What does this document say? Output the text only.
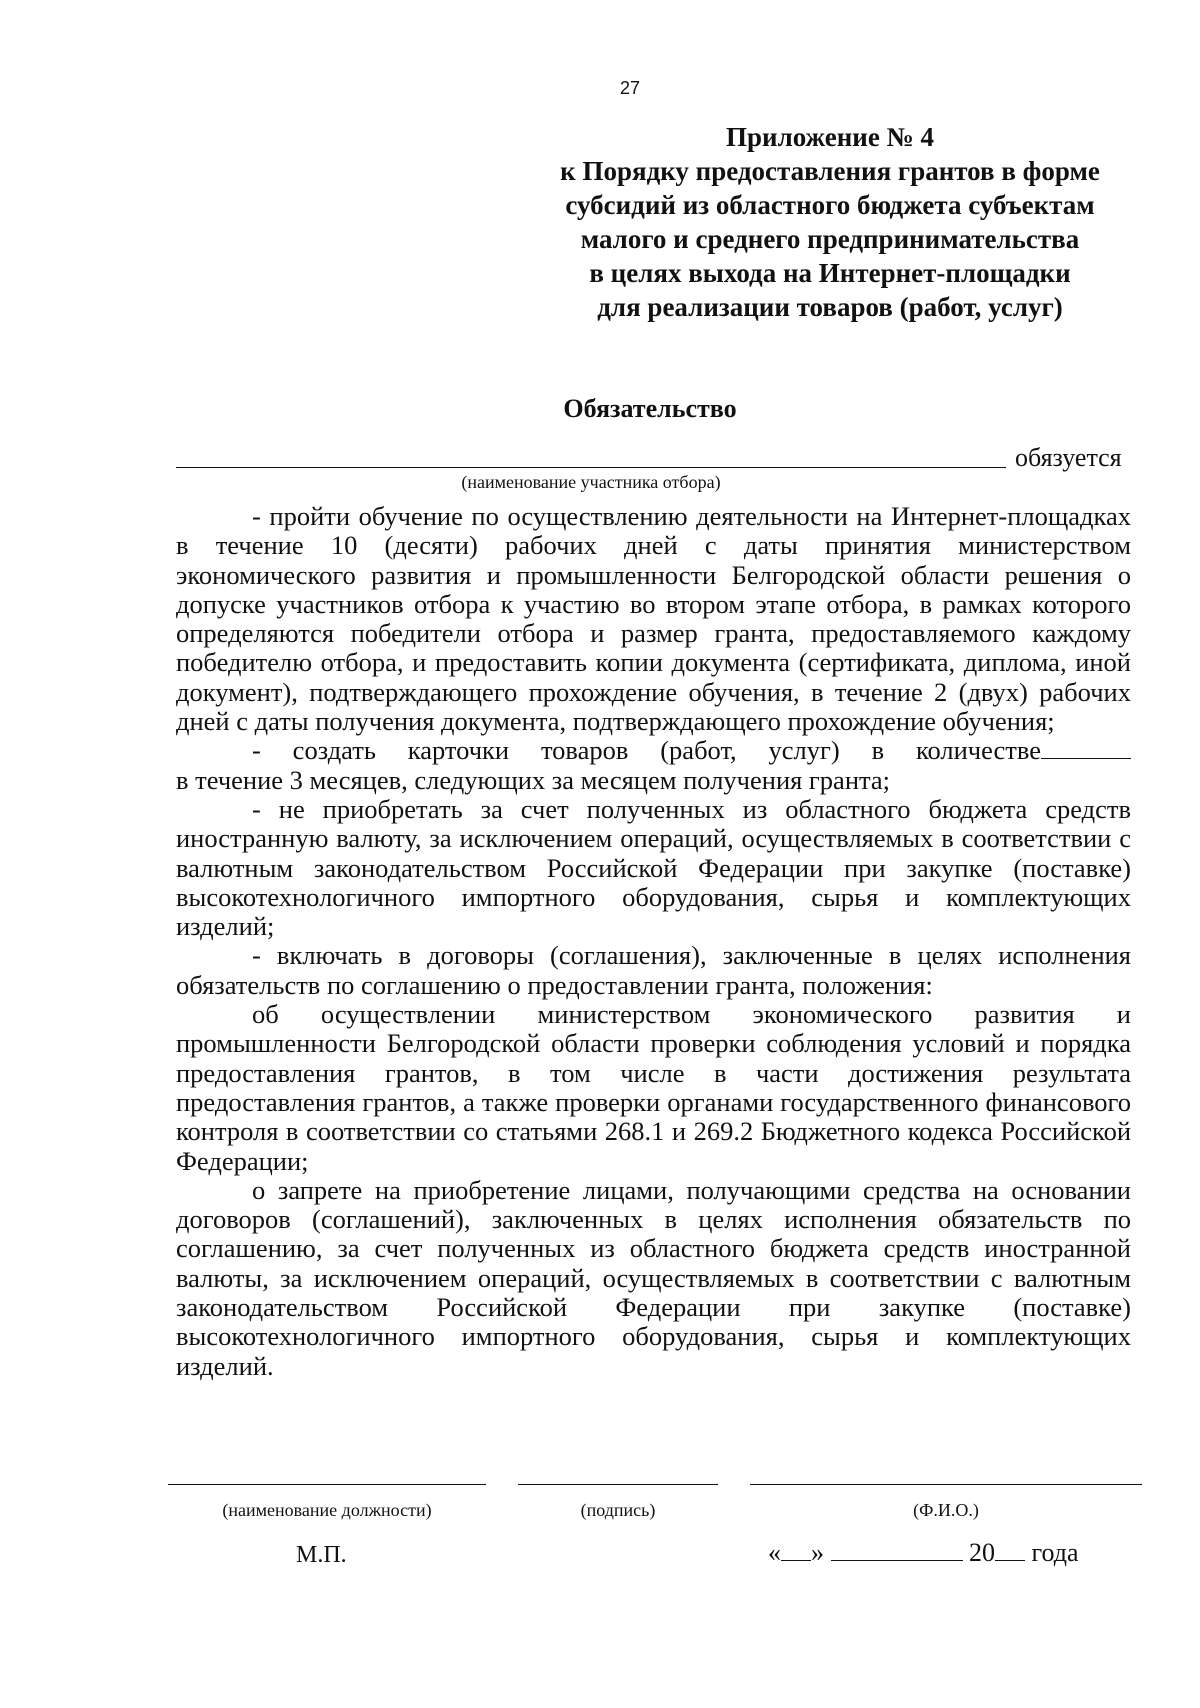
27
Приложение № 4
к Порядку предоставления грантов в форме
субсидий из областного бюджета субъектам
малого и среднего предпринимательства
в целях выхода на Интернет-площадки
для реализации товаров (работ, услуг)
Обязательство
обязуется
(наименование участника отбора)

- пройти обучение по осуществлению деятельности на Интернет-площадках в течение 10 (десяти) рабочих дней с даты принятия министерством экономического развития и промышленности Белгородской области решения о допуске участников отбора к участию во втором этапе отбора, в рамках которого определяются победители отбора и размер гранта, предоставляемого каждому победителю отбора, и предоставить копии документа (сертификата, диплома, иной документ), подтверждающего прохождение обучения, в течение 2 (двух) рабочих дней с даты получения документа, подтверждающего прохождение обучения;

- создать карточки товаров (работ, услуг) в количестве

в течение 3 месяцев, следующих за месяцем получения гранта;

- не приобретать за счет полученных из областного бюджета средств иностранную валюту, за исключением операций, осуществляемых в соответствии с валютным законодательством Российской Федерации при закупке (поставке) высокотехнологичного импортного оборудования, сырья и комплектующих изделий;

- включать в договоры (соглашения), заключенные в целях исполнения обязательств по соглашению о предоставлении гранта, положения:

об осуществлении министерством экономического развития и промышленности Белгородской области проверки соблюдения условий и порядка предоставления грантов, в том числе в части достижения результата предоставления грантов, а также проверки органами государственного финансового контроля в соответствии со статьями 268.1 и 269.2 Бюджетного кодекса Российской Федерации;

о запрете на приобретение лицами, получающими средства на основании договоров (соглашений), заключенных в целях исполнения обязательств по соглашению, за счет полученных из областного бюджета средств иностранной валюты, за исключением операций, осуществляемых в соответствии с валютным законодательством Российской Федерации при закупке (поставке) высокотехнологичного импортного оборудования, сырья и комплектующих изделий.

(наименование должности)	(подпись)	(Ф.И.О.)
М.П.	« »	20 года
